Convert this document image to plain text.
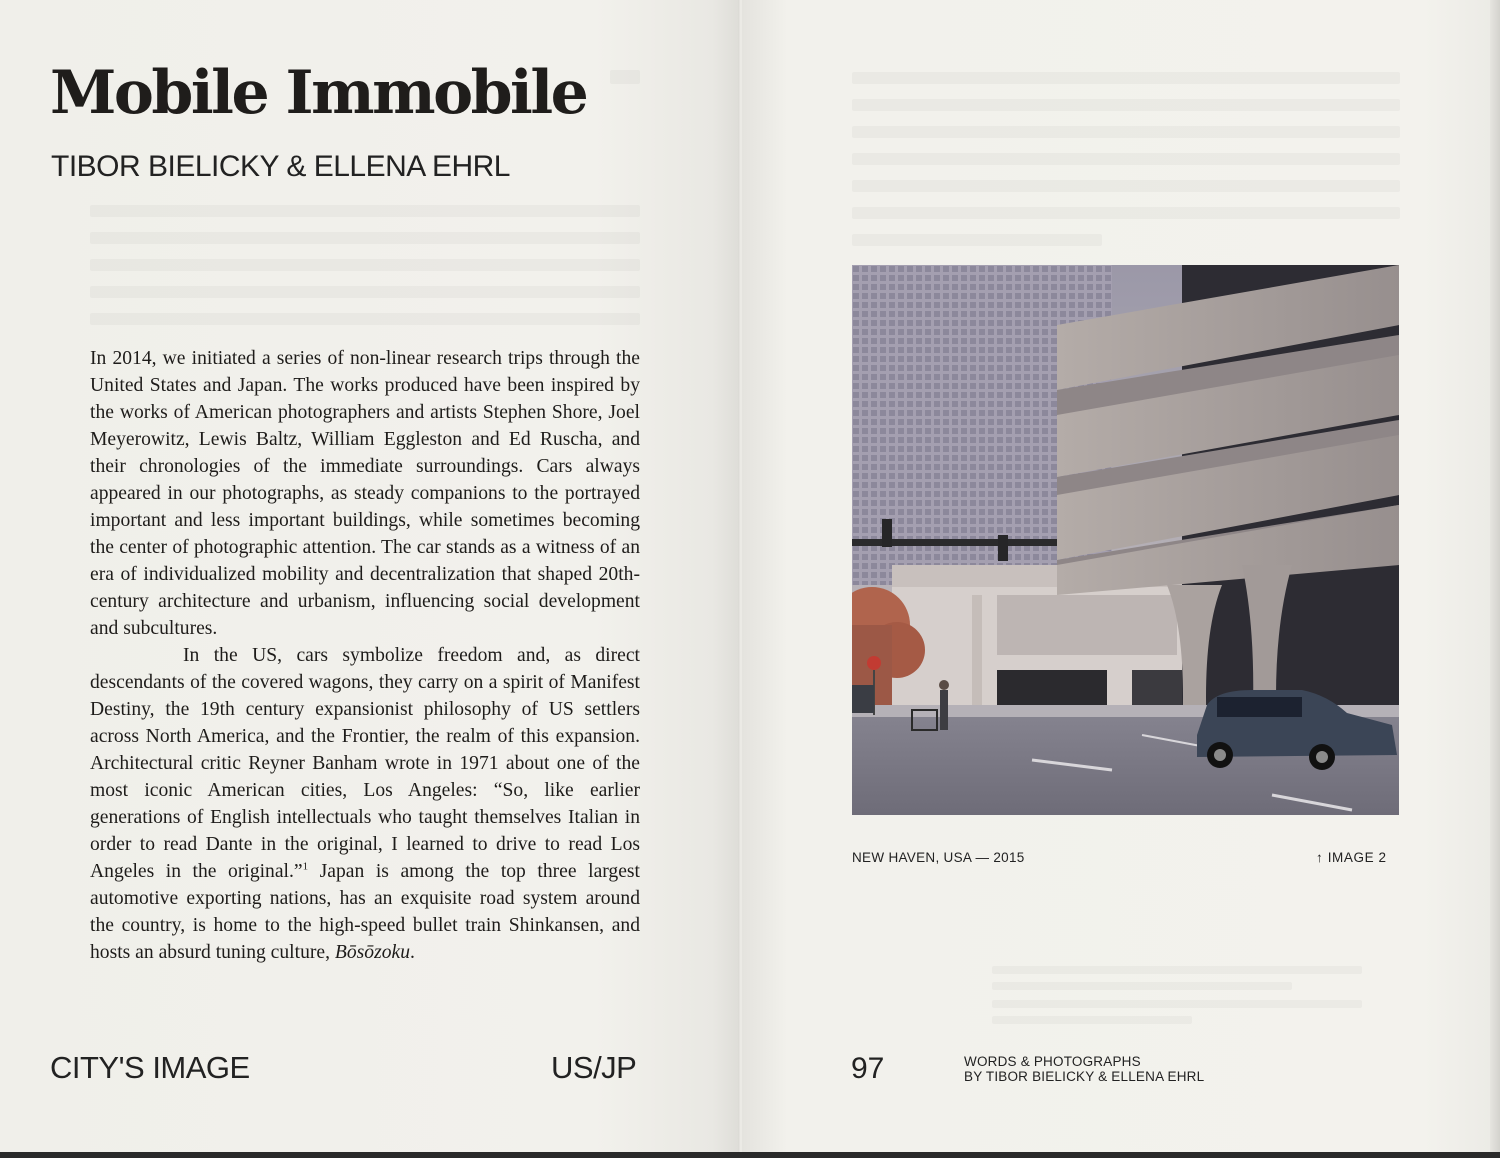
Mobile Immobile
TIBOR BIELICKY & ELLENA EHRL

In 2014, we initiated a series of non-linear research trips through the United States and Japan. The works produced have been inspired by the works of American photographers and artists Stephen Shore, Joel Meyerowitz, Lewis Baltz, William Eggleston and Ed Ruscha, and their chronologies of the immediate surroundings. Cars always appeared in our photographs, as steady companions to the portrayed important and less important buildings, while sometimes becoming the center of photographic attention. The car stands as a witness of an era of individualized mobility and decentralization that shaped 20th-century architecture and urbanism, influencing social development and subcultures.

In the US, cars symbolize freedom and, as direct descendants of the covered wagons, they carry on a spirit of Manifest Destiny, the 19th century expansionist philosophy of US settlers across North America, and the Frontier, the realm of this expansion. Architectural critic Reyner Banham wrote in 1971 about one of the most iconic American cities, Los Angeles: “So, like earlier generations of English intellectuals who taught themselves Italian in order to read Dante in the original, I learned to drive to read Los Angeles in the original.”$^1$ Japan is among the top three largest automotive exporting nations, has an exquisite road system around the country, is home to the high-speed bullet train Shinkansen, and hosts an absurd tuning culture, Bōsōzoku.

CITY'S IMAGE	US/JP
NEW HAVEN, USA — 2015	↑ IMAGE 2
97	WORDS & PHOTOGRAPHS
BY TIBOR BIELICKY & ELLENA EHRL
